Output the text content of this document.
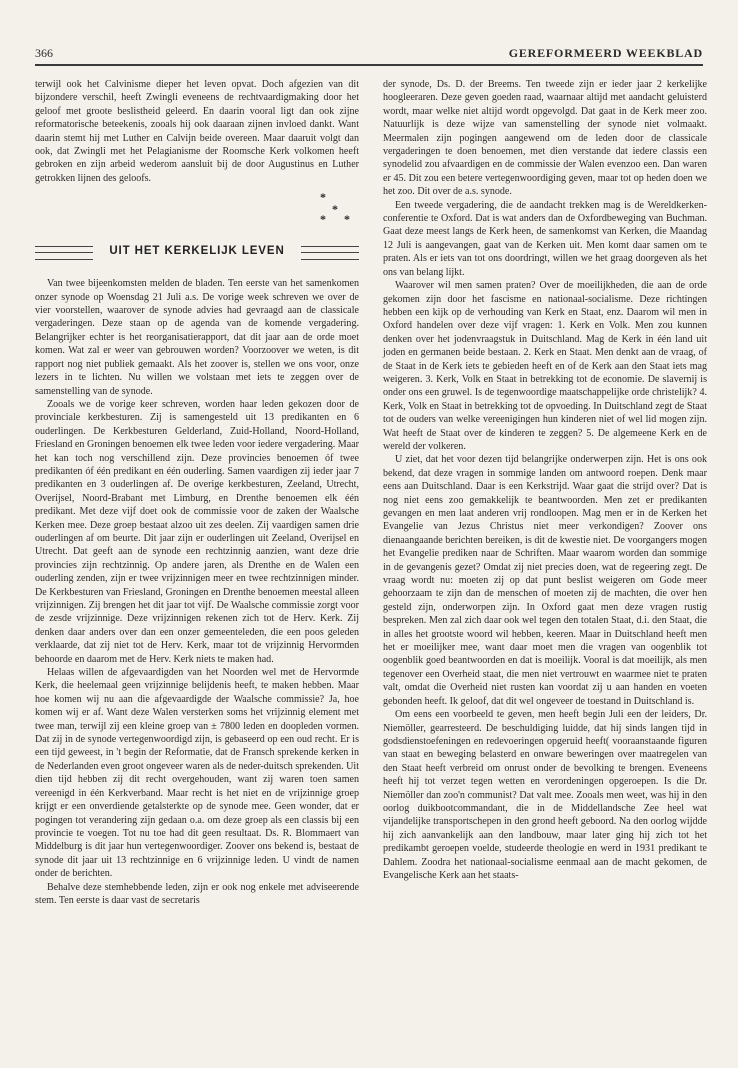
366	GEREFORMEERD WEEKBLAD

terwijl ook het Calvinisme dieper het leven opvat. Doch afgezien van dit bijzondere verschil, heeft Zwingli eveneens de rechtvaardigmaking door het geloof met groote beslistheid geleerd. En daarin vooral ligt dan ook zijne reformatorische beteekenis, zooals hij ook daaraan zijnen invloed dankt. Want daarin stemt hij met Luther en Calvijn beide overeen. Maar daaruit volgt dan ook, dat Zwingli met het Pelagianisme der Roomsche Kerk volkomen heeft gebroken en zijn arbeid wederom aansluit bij de door Augustinus en Luther getrokken lijnen des geloofs.

*
*
* *
UIT HET KERKELIJK LEVEN

Van twee bijeenkomsten melden de bladen. Ten eerste van het samenkomen onzer synode op Woensdag 21 Juli a.s. De vorige week schreven we over de vier voorstellen, waarover de synode advies had gevraagd aan de classicale vergaderingen. Deze staan op de agenda van de komende vergadering. Belangrijker echter is het reorganisatierapport, dat dit jaar aan de orde moet komen. Wat zal er weer van gebrouwen worden? Voorzoover we weten, is dit rapport nog niet publiek gemaakt. Als het zoover is, stellen we ons voor, onze lezers in te lichten. Nu willen we volstaan met iets te zeggen over de samenstelling van de synode.

Zooals we de vorige keer schreven, worden haar leden gekozen door de provinciale kerkbesturen. Zij is samengesteld uit 13 predikanten en 6 ouderlingen. De Kerkbesturen Gelderland, Zuid-Holland, Noord-Holland, Friesland en Groningen benoemen elk twee leden voor iedere vergadering. Maar het kan toch nog verschillend zijn. Deze provincies benoemen óf twee predikanten óf één predikant en één ouderling. Samen vaardigen zij ieder jaar 7 predikanten en 3 ouderlingen af. De overige kerkbesturen, Zeeland, Utrecht, Overijsel, Noord-Brabant met Limburg, en Drenthe benoemen elk één predikant. Met deze vijf doet ook de commissie voor de zaken der Waalsche Kerken mee. Deze groep bestaat alzoo uit zes deelen. Zij vaardigen samen drie ouderlingen af om beurte. Dit jaar zijn er ouderlingen uit Zeeland, Overijsel en Utrecht. Dat geeft aan de synode een rechtzinnig aanzien, want deze drie provincies zijn rechtzinnig. Op andere jaren, als Drenthe en de Walen een ouderling zenden, zijn er twee vrijzinnigen meer en twee rechtzinnigen minder. De Kerkbesturen van Friesland, Groningen en Drenthe benoemen meestal alleen vrijzinnigen. Zij brengen het dit jaar tot vijf. De Waalsche commissie zorgt voor de zesde vrijzinnige. Deze vrijzinnigen rekenen zich tot de Herv. Kerk. Zij denken daar anders over dan een onzer gemeenteleden, die een poos geleden verklaarde, dat zij niet tot de Herv. Kerk, maar tot de vrijzinnig Hervormden behoorde en daarom met de Herv. Kerk niets te maken had.

Helaas willen de afgevaardigden van het Noorden wel met de Hervormde Kerk, die heelemaal geen vrijzinnige belijdenis heeft, te maken hebben. Maar hoe komen wij nu aan die afgevaardigde der Waalsche commissie? Ja, hoe komen wij er af. Want deze Walen versterken soms het vrijzinnig element met twee man, terwijl zij een kleine groep van ± 7800 leden en doopleden vormen. Dat zij in de synode vertegenwoordigd zijn, is gebaseerd op een oud recht. Er is een tijd geweest, in 't begin der Reformatie, dat de Fransch sprekende kerken in de Nederlanden even groot ongeveer waren als de neder-duitsch sprekenden. Uit dien tijd hebben zij dit recht overgehouden, want zij waren toen samen vereenigd in één Kerkverband. Maar recht is het niet en de vrijzinnige groep krijgt er een onverdiende getalsterkte op de synode mee. Geen wonder, dat er pogingen tot verandering zijn gedaan o.a. om deze groep als een classis bij een provincie te voegen. Tot nu toe had dit geen resultaat. Ds. R. Blommaert van Middelburg is dit jaar hun vertegenwoordiger. Zoover ons bekend is, bestaat de synode dit jaar uit 13 rechtzinnige en 6 vrijzinnige leden. U vindt de namen onder de berichten.

Behalve deze stemhebbende leden, zijn er ook nog enkele met adviseerende stem. Ten eerste is daar vast de secretaris

der synode, Ds. D. der Breems. Ten tweede zijn er ieder jaar 2 kerkelijke hoogleeraren. Deze geven goeden raad, waarnaar altijd met aandacht geluisterd wordt, maar welke niet altijd wordt opgevolgd. Dat gaat in de Kerk meer zoo. Natuurlijk is deze wijze van samenstelling der synode niet volmaakt. Meermalen zijn pogingen aangewend om de leden door de classicale vergaderingen te doen benoemen, met dien verstande dat iedere classis een synodelid zou afvaardigen en de commissie der Walen evenzoo een. Dan waren er 45. Dit zou een betere vertegenwoordiging geven, maar tot op heden doen we het zoo. Dit over de a.s. synode.

Een tweede vergadering, die de aandacht trekken mag is de Wereldkerken-conferentie te Oxford. Dat is wat anders dan de Oxfordbeweging van Buchman. Gaat deze meest langs de Kerk heen, de samenkomst van Kerken, die Maandag 12 Juli is aangevangen, gaat van de Kerken uit. Men komt daar samen om te praten. Als er iets van tot ons doordringt, willen we het graag doorgeven als het ons van belang lijkt.

Waarover wil men samen praten? Over de moeilijkheden, die aan de orde gekomen zijn door het fascisme en nationaal-socialisme. Deze richtingen hebben een kijk op de verhouding van Kerk en Staat, enz. Daarom wil men in Oxford handelen over deze vijf vragen: 1. Kerk en Volk. Men zou kunnen denken over het jodenvraagstuk in Duitschland. Mag de Kerk in één land uit joden en germanen beide bestaan. 2. Kerk en Staat. Men denkt aan de vraag, of de Staat in de Kerk iets te gebieden heeft en of de Kerk aan den Staat iets mag weigeren. 3. Kerk, Volk en Staat in betrekking tot de economie. De slavernij is onder ons een gruwel. Is de tegenwoordige maatschappelijke orde christelijk? 4. Kerk, Volk en Staat in betrekking tot de opvoeding. In Duitschland zegt de Staat tot de ouders van welke vereenigingen hun kinderen niet of wel lid mogen zijn. Wat heeft de Staat over de kinderen te zeggen? 5. De algemeene Kerk en de wereld der volkeren.

U ziet, dat het voor dezen tijd belangrijke onderwerpen zijn. Het is ons ook bekend, dat deze vragen in sommige landen om antwoord roepen. Denk maar eens aan Duitschland. Daar is een Kerkstrijd. Waar gaat die strijd over? Dat is nog niet eens zoo gemakkelijk te beantwoorden. Men zet er predikanten gevangen en men laat anderen vrij rondloopen. Mag men er in de Kerken het Evangelie van Jezus Christus niet meer verkondigen? Zoover ons dienaangaande berichten bereiken, is dit de kwestie niet. De voorgangers mogen het Evangelie prediken naar de Schriften. Maar waarom worden dan sommige in de gevangenis gezet? Omdat zij niet precies doen, wat de regeering zegt. De vraag wordt nu: moeten zij op dat punt beslist weigeren om Gode meer gehoorzaam te zijn dan de menschen of moeten zij de machten, die over hen gesteld zijn, onderworpen zijn. In Oxford gaat men deze vragen rustig bespreken. Men zal zich daar ook wel tegen den totalen Staat, d.i. den Staat, die in alles het grootste woord wil hebben, keeren. Maar in Duitschland heeft men het er moeilijker mee, want daar moet men die vragen van oogenblik tot oogenblik goed beantwoorden en dat is moeilijk. Vooral is dat moeilijk, als men tegenover een Overheid staat, die men niet vertrouwt en waarmee niet te praten valt, omdat die Overheid niet rusten kan voordat zij u aan handen en voeten gebonden heeft. Ik geloof, dat dit wel ongeveer de toestand in Duitschland is.

Om eens een voorbeeld te geven, men heeft begin Juli een der leiders, Dr. Niemöller, gearresteerd. De beschuldiging luidde, dat hij sinds langen tijd in godsdienstoefeningen en redevoeringen opgeruid heeft( vooraanstaande figuren van staat en beweging belasterd en onware beweringen over maatregelen van den Staat heeft verbreid om onrust onder de bevolking te brengen. Eveneens heeft hij tot verzet tegen wetten en verordeningen opgeroepen. Is die Dr. Niemöller dan zoo'n communist? Dat valt mee. Zooals men weet, was hij in den oorlog duikbootcommandant, die in de Middellandsche Zee heel wat vijandelijke transportschepen in den grond heeft geboord. Na den oorlog wijdde hij zich aanvankelijk aan den landbouw, maar later ging hij zich tot het predikambt geroepen voelde, studeerde theologie en werd in 1931 predikant te Dahlem. Zoodra het nationaal-socialisme eenmaal aan de macht gekomen, de Evangelische Kerk aan het staats-
